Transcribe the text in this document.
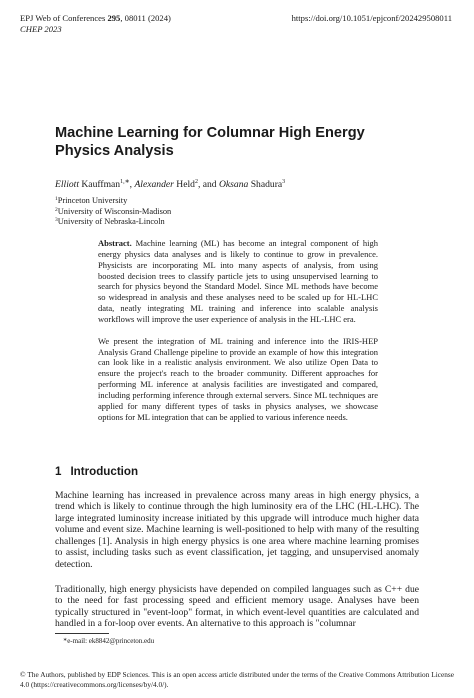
EPJ Web of Conferences 295, 08011 (2024)
CHEP 2023
https://doi.org/10.1051/epjconf/202429508011
Machine Learning for Columnar High Energy Physics Analysis
Elliott Kauffman$^{1,∗}$, Alexander Held$^2$, and Oksana Shadura$^3$
$^1$Princeton University
$^2$University of Wisconsin-Madison
$^3$University of Nebraska-Lincoln

Abstract. Machine learning (ML) has become an integral component of high energy physics data analyses and is likely to continue to grow in prevalence. Physicists are incorporating ML into many aspects of analysis, from using boosted decision trees to classify particle jets to using unsupervised learning to search for physics beyond the Standard Model. Since ML methods have become so widespread in analysis and these analyses need to be scaled up for HL-LHC data, neatly integrating ML training and inference into scalable analysis workflows will improve the user experience of analysis in the HL-LHC era.

We present the integration of ML training and inference into the IRIS-HEP Analysis Grand Challenge pipeline to provide an example of how this integration can look like in a realistic analysis environment. We also utilize Open Data to ensure the project's reach to the broader community. Different approaches for performing ML inference at analysis facilities are investigated and compared, including performing inference through external servers. Since ML techniques are applied for many different types of tasks in physics analyses, we showcase options for ML integration that can be applied to various inference needs.

1 Introduction

Machine learning has increased in prevalence across many areas in high energy physics, a trend which is likely to continue through the high luminosity era of the LHC (HL-LHC). The large integrated luminosity increase initiated by this upgrade will introduce much higher data volume and event size. Machine learning is well-positioned to help with many of the resulting challenges [1]. Analysis in high energy physics is one area where machine learning promises to assist, including tasks such as event classification, jet tagging, and unsupervised anomaly detection.

Traditionally, high energy physicists have depended on compiled languages such as C++ due to the need for fast processing speed and efficient memory usage. Analyses have been typically structured in "event-loop" format, in which event-level quantities are calculated and handled in a for-loop over events. An alternative to this approach is "columnar

∗e-mail: ek8842@princeton.edu
© The Authors, published by EDP Sciences. This is an open access article distributed under the terms of the Creative Commons Attribution License 4.0 (https://creativecommons.org/licenses/by/4.0/).
